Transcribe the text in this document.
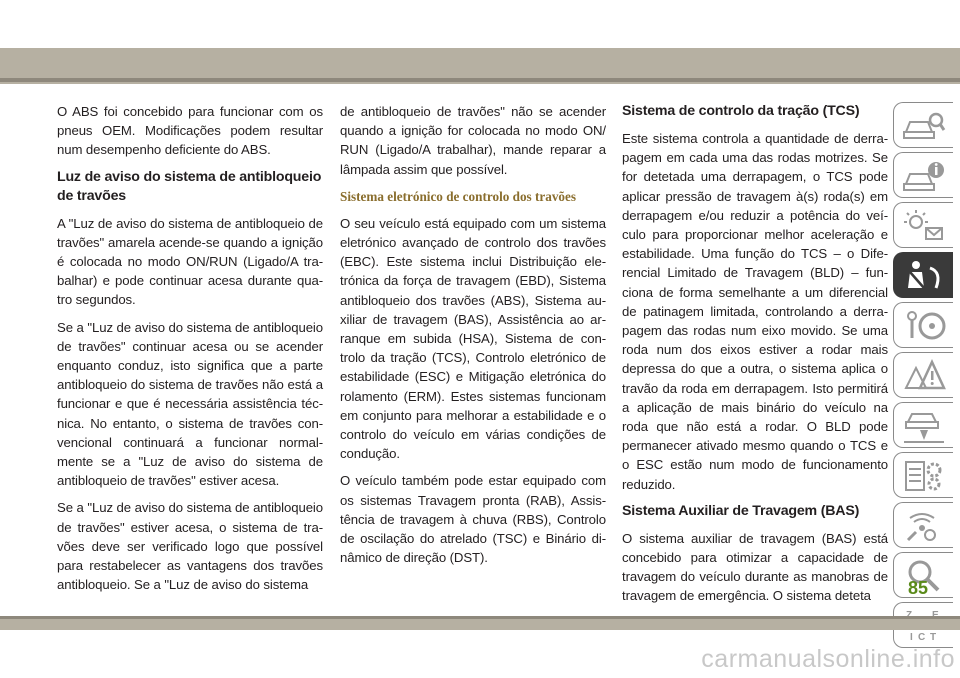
O ABS foi concebido para funcionar com os pneus OEM. Modificações podem resultar num desempenho deficiente do ABS.

Luz de aviso do sistema de antibloqueio de travões

A "Luz de aviso do sistema de antibloqueio de travões" amarela acende-se quando a ignição é colocada no modo ON/RUN (Ligado/A tra-balhar) e pode continuar acesa durante qua-tro segundos.

Se a "Luz de aviso do sistema de antibloqueio de travões" continuar acesa ou se acender enquanto conduz, isto significa que a parte antibloqueio do sistema de travões não está a funcionar e que é necessária assistência téc-nica. No entanto, o sistema de travões con-vencional continuará a funcionar normal-mente se a "Luz de aviso do sistema de antibloqueio de travões" estiver acesa.

Se a "Luz de aviso do sistema de antibloqueio de travões" estiver acesa, o sistema de tra-vões deve ser verificado logo que possível para restabelecer as vantagens dos travões antibloqueio. Se a "Luz de aviso do sistema

de antibloqueio de travões" não se acender quando a ignição for colocada no modo ON/ RUN (Ligado/A trabalhar), mande reparar a lâmpada assim que possível.

Sistema eletrónico de controlo dos travões

O seu veículo está equipado com um sistema eletrónico avançado de controlo dos travões (EBC). Este sistema inclui Distribuição ele-trónica da força de travagem (EBD), Sistema antibloqueio dos travões (ABS), Sistema au-xiliar de travagem (BAS), Assistência ao ar-ranque em subida (HSA), Sistema de con-trolo da tração (TCS), Controlo eletrónico de estabilidade (ESC) e Mitigação eletrónica do rolamento (ERM). Estes sistemas funcionam em conjunto para melhorar a estabilidade e o controlo do veículo em várias condições de condução.

O veículo também pode estar equipado com os sistemas Travagem pronta (RAB), Assis-tência de travagem à chuva (RBS), Controlo de oscilação do atrelado (TSC) e Binário di-nâmico de direção (DST).

Sistema de controlo da tração (TCS)

Este sistema controla a quantidade de derra-pagem em cada uma das rodas motrizes. Se for detetada uma derrapagem, o TCS pode aplicar pressão de travagem à(s) roda(s) em derrapagem e/ou reduzir a potência do veí-culo para proporcionar melhor aceleração e estabilidade. Uma função do TCS – o Dife-rencial Limitado de Travagem (BLD) – fun-ciona de forma semelhante a um diferencial de patinagem limitada, controlando a derra-pagem das rodas num eixo movido. Se uma roda num dos eixos estiver a rodar mais depressa do que a outra, o sistema aplica o travão da roda em derrapagem. Isto permitirá a aplicação de mais binário do veículo na roda que não está a rodar. O BLD pode permanecer ativado mesmo quando o TCS e o ESC estão num modo de funcionamento reduzido.

Sistema Auxiliar de Travagem (BAS)

O sistema auxiliar de travagem (BAS) está concebido para otimizar a capacidade de travagem do veículo durante as manobras de travagem de emergência. O sistema deteta

C T
I
85
carmanualsonline.info
